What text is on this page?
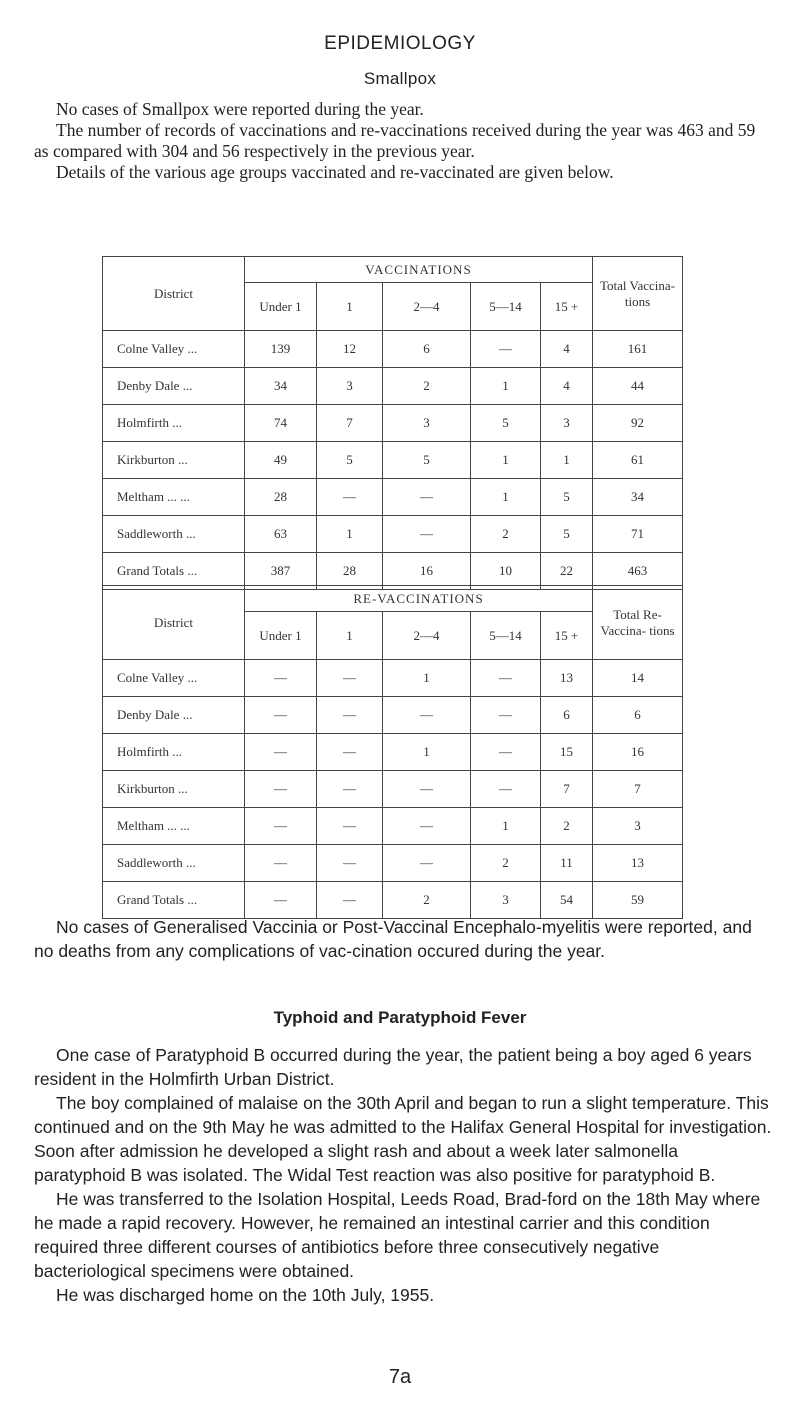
EPIDEMIOLOGY
Smallpox

No cases of Smallpox were reported during the year.

The number of records of vaccinations and re-vaccinations received during the year was 463 and 59 as compared with 304 and 56 respectively in the previous year.

Details of the various age groups vaccinated and re-vaccinated are given below.

District	VACCINATIONS					Total Vaccina- tions
	Under 1	1	2—4	5—14	15 +	
Colne Valley ...	139	12	6	—	4	161
Denby Dale ...	34	3	2	1	4	44
Holmfirth ...	74	7	3	5	3	92
Kirkburton ...	49	5	5	1	1	61
Meltham ... ...	28	—	—	1	5	34
Saddleworth ...	63	1	—	2	5	71
Grand Totals ...	387	28	16	10	22	463
District	RE-VACCINATIONS					Total Re- Vaccina- tions
	Under 1	1	2—4	5—14	15 +	
Colne Valley ...	—	—	1	—	13	14
Denby Dale ...	—	—	—	—	6	6
Holmfirth ...	—	—	1	—	15	16
Kirkburton ...	—	—	—	—	7	7
Meltham ... ...	—	—	—	1	2	3
Saddleworth ...	—	—	—	2	11	13
Grand Totals ...	—	—	2	3	54	59

No cases of Generalised Vaccinia or Post-Vaccinal Encephalo-myelitis were reported, and no deaths from any complications of vac-cination occured during the year.

Typhoid and Paratyphoid Fever

One case of Paratyphoid B occurred during the year, the patient being a boy aged 6 years resident in the Holmfirth Urban District.

The boy complained of malaise on the 30th April and began to run a slight temperature. This continued and on the 9th May he was admitted to the Halifax General Hospital for investigation. Soon after admission he developed a slight rash and about a week later salmonella paratyphoid B was isolated. The Widal Test reaction was also positive for paratyphoid B.

He was transferred to the Isolation Hospital, Leeds Road, Brad-ford on the 18th May where he made a rapid recovery. However, he remained an intestinal carrier and this condition required three different courses of antibiotics before three consecutively negative bacteriological specimens were obtained.

He was discharged home on the 10th July, 1955.

7a
